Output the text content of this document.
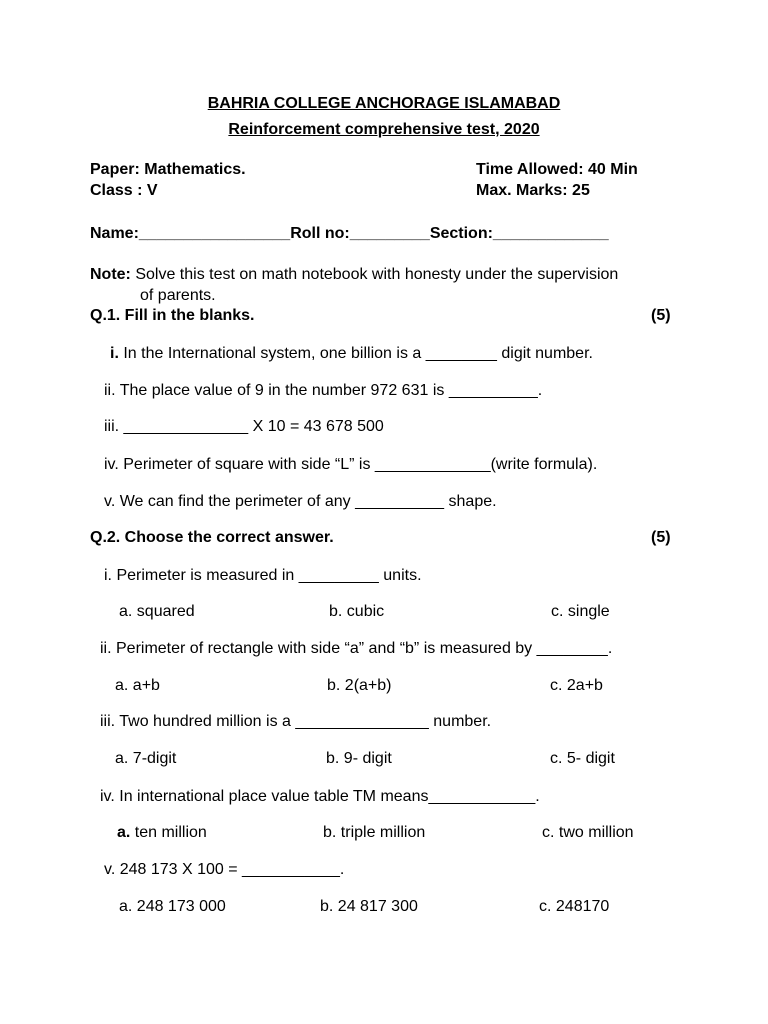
BAHRIA COLLEGE ANCHORAGE ISLAMABAD
Reinforcement comprehensive test, 2020
Paper: Mathematics.
Class : V
Time Allowed: 40 Min
Max. Marks: 25
Name:_________________Roll no:_________Section:_____________
Note: Solve this test on math notebook with honesty under the supervision
of parents.
Q.1. Fill in the blanks.	(5)
i. In the International system, one billion is a ________ digit number.
ii. The place value of 9 in the number 972 631 is __________.
iii. ______________ X 10 = 43 678 500
iv. Perimeter of square with side “L” is _____________(write formula).
v. We can find the perimeter of any __________ shape.
Q.2. Choose the correct answer.	(5)
i. Perimeter is measured in _________ units.
a. squared	b. cubic	c. single
ii. Perimeter of rectangle with side “a” and “b” is measured by ________.
a. a+b	b. 2(a+b)	c. 2a+b
iii. Two hundred million is a _______________ number.
a. 7-digit	b. 9- digit	c. 5- digit
iv. In international place value table TM means____________.
a. ten million	b. triple million	c. two million
v. 248 173 X 100 = ___________.
a. 248 173 000	b. 24 817 300	c. 248170
